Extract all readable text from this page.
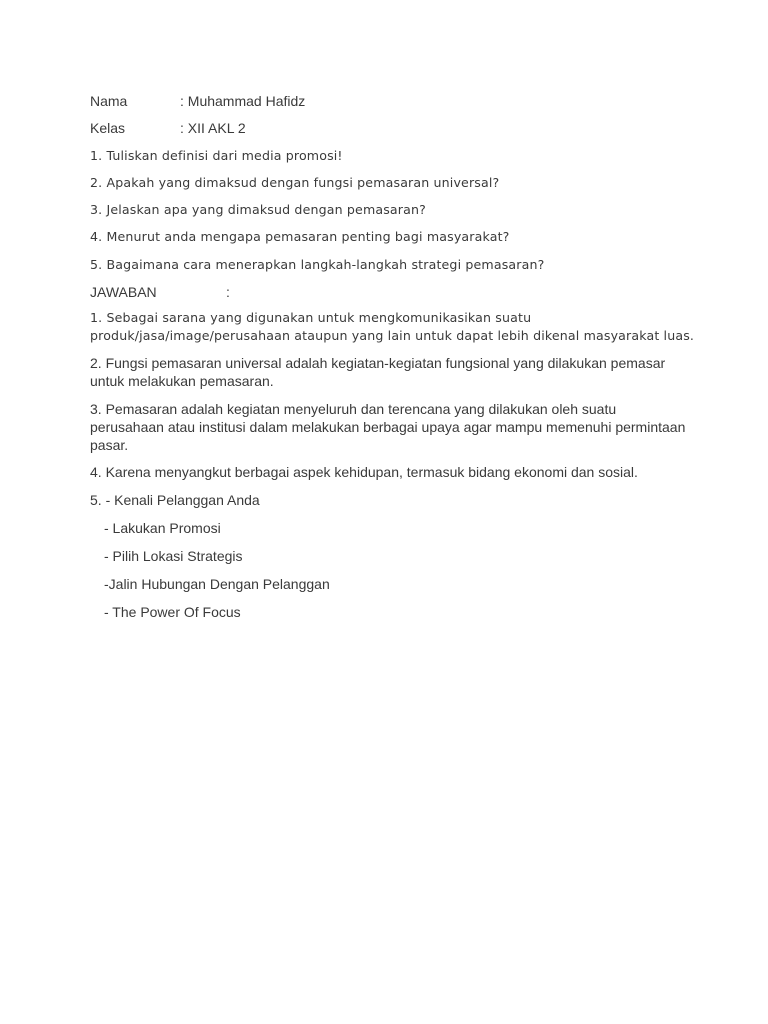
Nama	: Muhammad Hafidz
Kelas	: XII AKL 2
1. Tuliskan definisi dari media promosi!
2. Apakah yang dimaksud dengan fungsi pemasaran universal?
3. Jelaskan apa yang dimaksud dengan pemasaran?
4. Menurut anda mengapa pemasaran penting bagi masyarakat?
5. Bagaimana cara menerapkan langkah-langkah strategi pemasaran?
JAWABAN	:
1. Sebagai sarana yang digunakan untuk mengkomunikasikan suatu
produk/jasa/image/perusahaan ataupun yang lain untuk dapat lebih dikenal masyarakat luas.
2. Fungsi pemasaran universal adalah kegiatan-kegiatan fungsional yang dilakukan pemasar
untuk melakukan pemasaran.
3. Pemasaran adalah kegiatan menyeluruh dan terencana yang dilakukan oleh suatu
perusahaan atau institusi dalam melakukan berbagai upaya agar mampu memenuhi permintaan
pasar.
4. Karena menyangkut berbagai aspek kehidupan, termasuk bidang ekonomi dan sosial.
5. - Kenali Pelanggan Anda
- Lakukan Promosi
- Pilih Lokasi Strategis
-Jalin Hubungan Dengan Pelanggan
- The Power Of Focus
